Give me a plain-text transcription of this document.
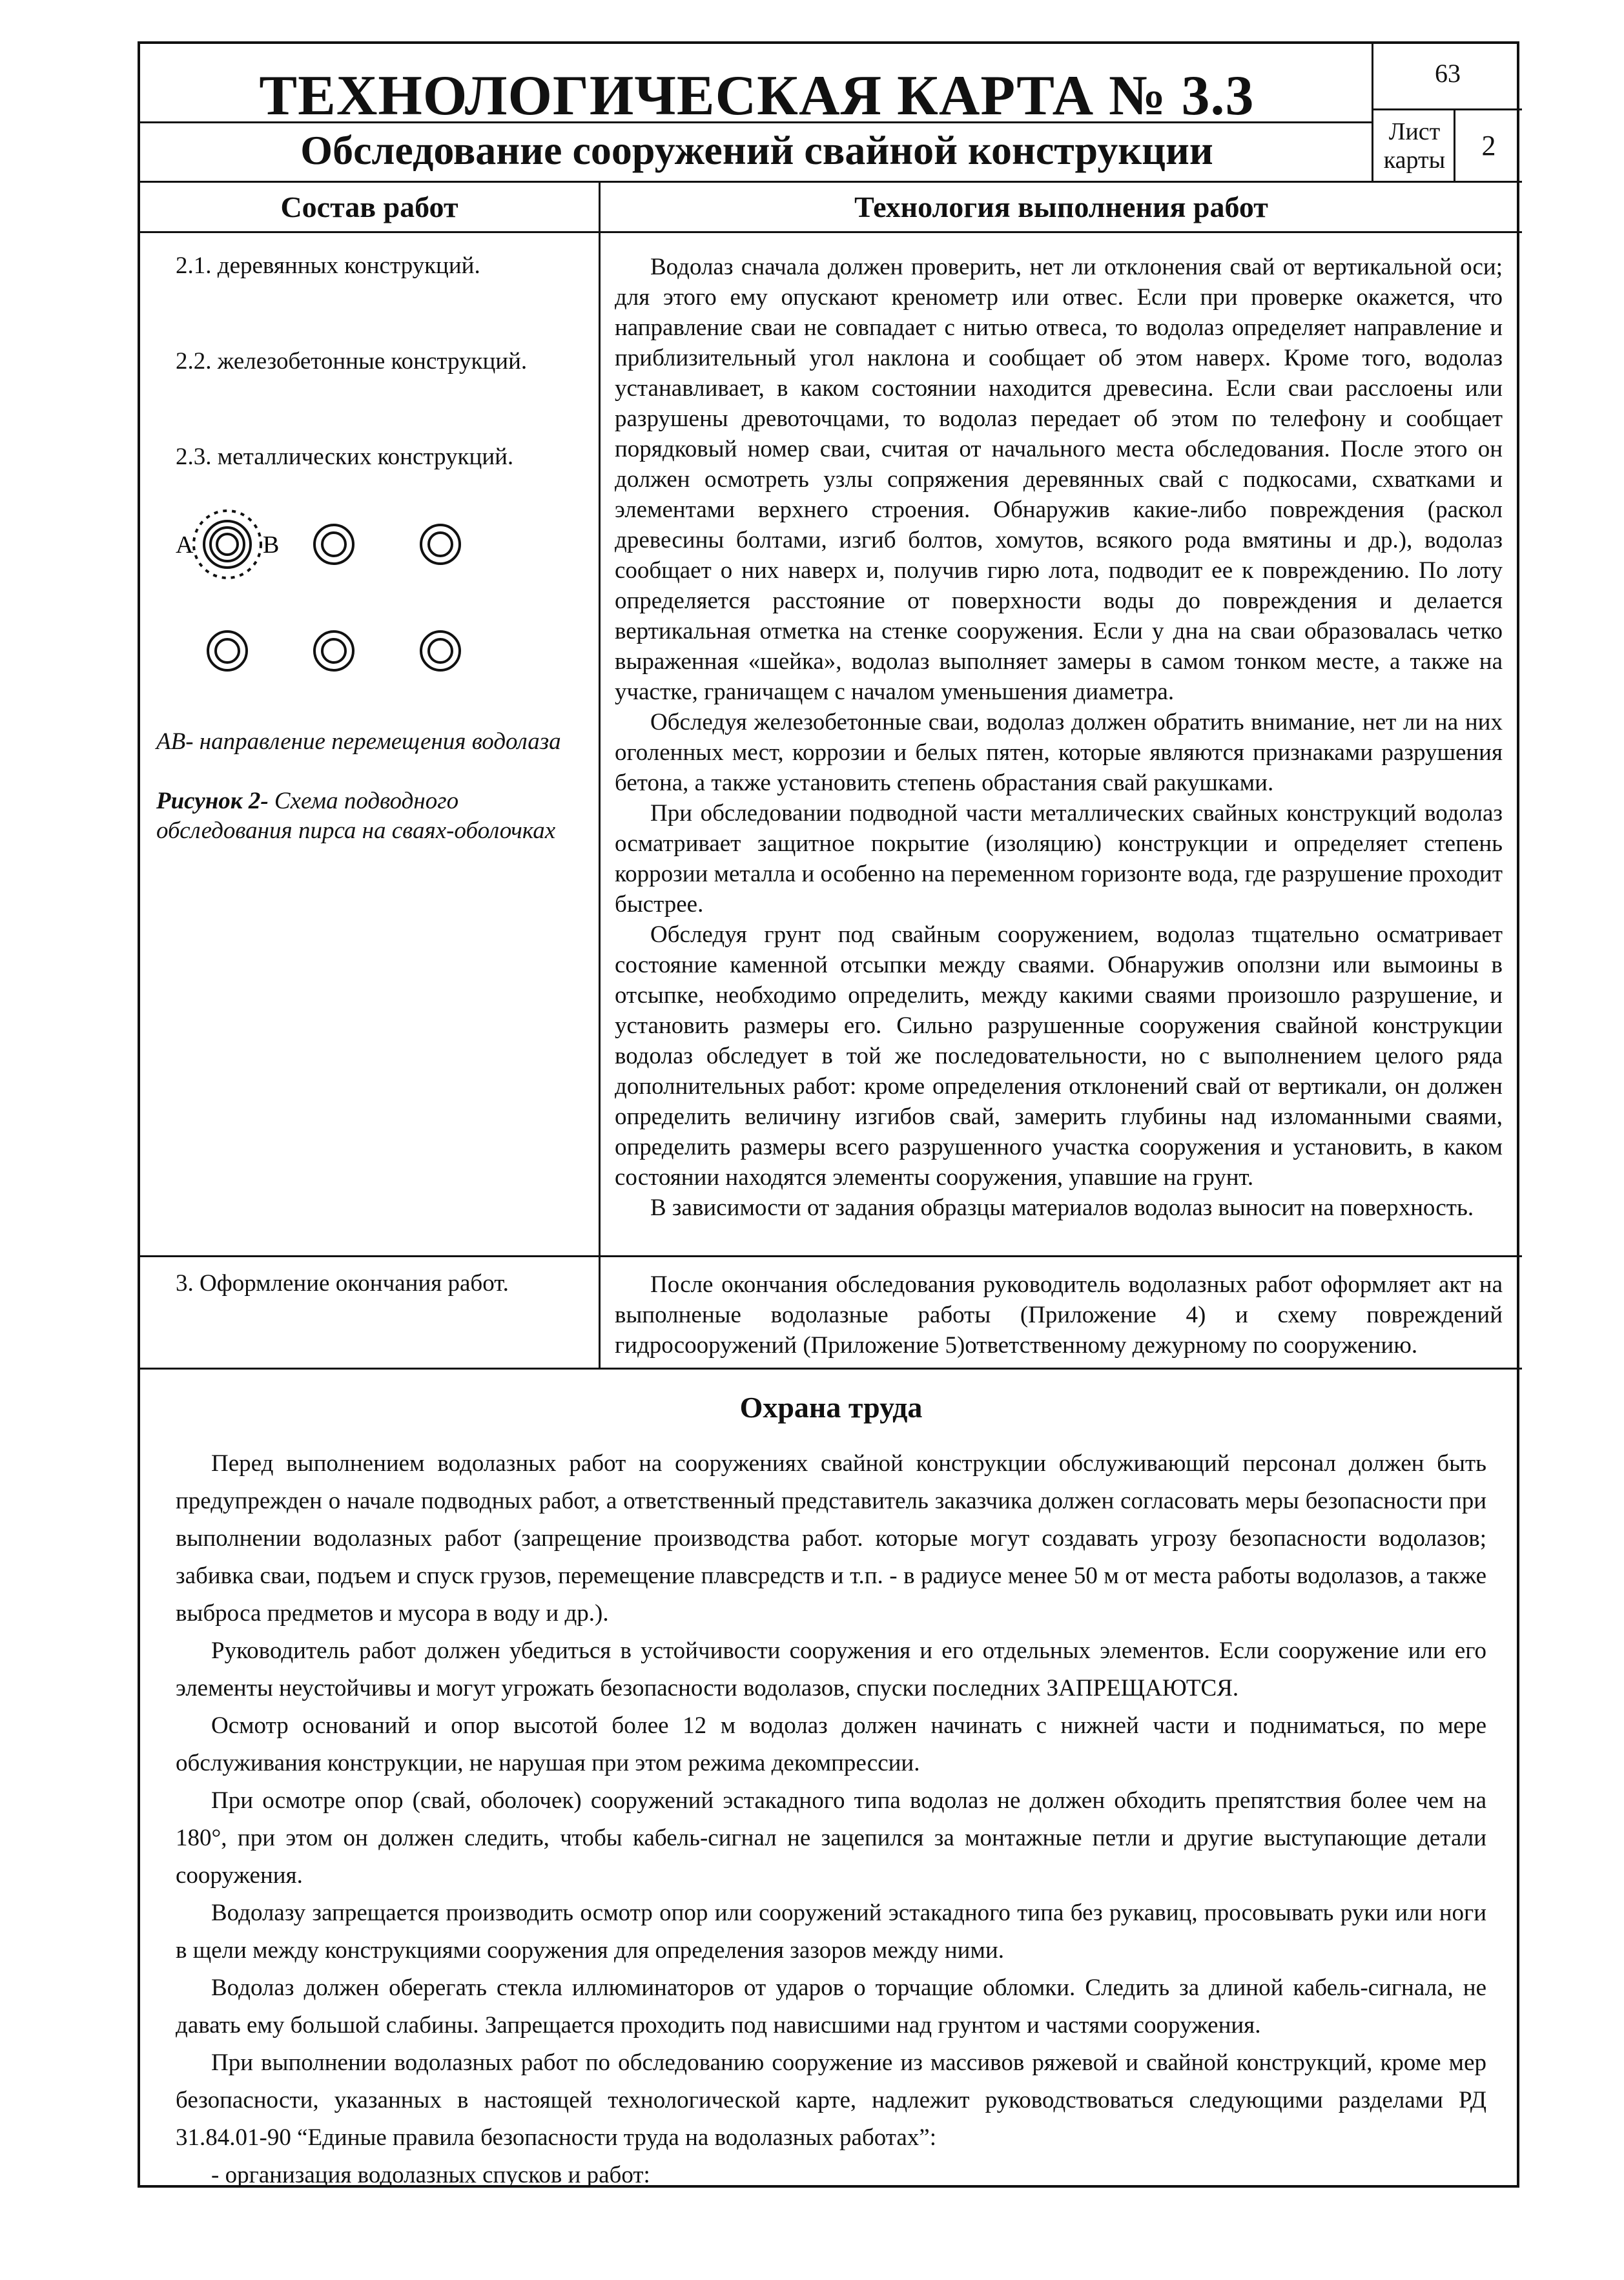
ТЕХНОЛОГИЧЕСКАЯ КАРТА № 3.3
Обследование сооружений свайной конструкции
63
Лист карты	2
Состав работ	Технология выполнения работ
2.1. деревянных конструкций.
2.2. железобетонные конструкций.
2.3. металлических конструкций.
А	В
АВ- направление перемещения водолаза
Рисунок 2- Схема подводного обследования пирса на сваях-оболочках

Водолаз сначала должен проверить, нет ли отклонения свай от вертикальной оси; для этого ему опускают кренометр или отвес. Если при проверке окажется, что направление сваи не совпадает с нитью отвеса, то водолаз определяет направление и приблизительный угол наклона и сообщает об этом наверх. Кроме того, водолаз устанавливает, в каком состоянии находится древесина. Если сваи расслоены или разрушены древоточцами, то водолаз передает об этом по телефону и сообщает порядковый номер сваи, считая от начального места обследования. После этого он должен осмотреть узлы сопряжения деревянных свай с подкосами, схватками и элементами верхнего строения. Обнаружив какие-либо повреждения (раскол древесины болтами, изгиб болтов, хомутов, всякого рода вмятины и др.), водолаз сообщает о них наверх и, получив гирю лота, подводит ее к повреждению. По лоту определяется расстояние от поверхности воды до повреждения и делается вертикальная отметка на стенке сооружения. Если у дна на сваи образовалась четко выраженная «шейка», водолаз выполняет замеры в самом тонком месте, а также на участке, граничащем с началом уменьшения диаметра.

Обследуя железобетонные сваи, водолаз должен обратить внимание, нет ли на них оголенных мест, коррозии и белых пятен, которые являются признаками разрушения бетона, а также установить степень обрастания свай ракушками.

При обследовании подводной части металлических свайных конструкций водолаз осматривает защитное покрытие (изоляцию) конструкции и определяет степень коррозии металла и особенно на переменном горизонте вода, где разрушение проходит быстрее.

Обследуя грунт под свайным сооружением, водолаз тщательно осматривает состояние каменной отсыпки между сваями. Обнаружив оползни или вымоины в отсыпке, необходимо определить, между какими сваями произошло разрушение, и установить размеры его. Сильно разрушенные сооружения свайной конструкции водолаз обследует в той же последовательности, но с выполнением целого ряда дополнительных работ: кроме определения отклонений свай от вертикали, он должен определить величину изгибов свай, замерить глубины над изломанными сваями, определить размеры всего разрушенного участка сооружения и установить, в каком состоянии находятся элементы сооружения, упавшие на грунт.

В зависимости от задания образцы материалов водолаз выносит на поверхность.

3. Оформление окончания работ.	После окончания обследования руководитель водолазных работ оформляет акт на выполненые водолазные работы (Приложение 4) и схему повреждений гидросооружений (Приложение 5)ответственному дежурному по сооружению.

Охрана труда

Перед выполнением водолазных работ на сооружениях свайной конструкции обслуживающий персонал должен быть предупрежден о начале подводных работ, а ответственный представитель заказчика должен согласовать меры безопасности при выполнении водолазных работ (запрещение производства работ. которые могут создавать угрозу безопасности водолазов; забивка сваи, подъем и спуск грузов, перемещение плавсредств и т.п. - в радиусе менее 50 м от места работы водолазов, а также выброса предметов и мусора в воду и др.).

Руководитель работ должен убедиться в устойчивости сооружения и его отдельных элементов. Если сооружение или его элементы неустойчивы и могут угрожать безопасности водолазов, спуски последних ЗАПРЕЩАЮТСЯ.

Осмотр оснований и опор высотой более 12 м водолаз должен начинать с нижней части и подниматься, по мере обслуживания конструкции, не нарушая при этом режима декомпрессии.

При осмотре опор (свай, оболочек) сооружений эстакадного типа водолаз не должен обходить препятствия более чем на 180°, при этом он должен следить, чтобы кабель-сигнал не зацепился за монтажные петли и другие выступающие детали сооружения.

Водолазу запрещается производить осмотр опор или сооружений эстакадного типа без рукавиц, просовывать руки или ноги в щели между конструкциями сооружения для определения зазоров между ними.

Водолаз должен оберегать стекла иллюминаторов от ударов о торчащие обломки. Следить за длиной кабель-сигнала, не давать ему большой слабины. Запрещается проходить под нависшими над грунтом и частями сооружения.

При выполнении водолазных работ по обследованию сооружение из массивов ряжевой и свайной конструкций, кроме мер безопасности, указанных в настоящей технологической карте, надлежит руководствоваться следующими разделами РД 31.84.01-90 “Единые правила безопасности труда на водолазных работах”:

- организация водолазных спусков и работ:
